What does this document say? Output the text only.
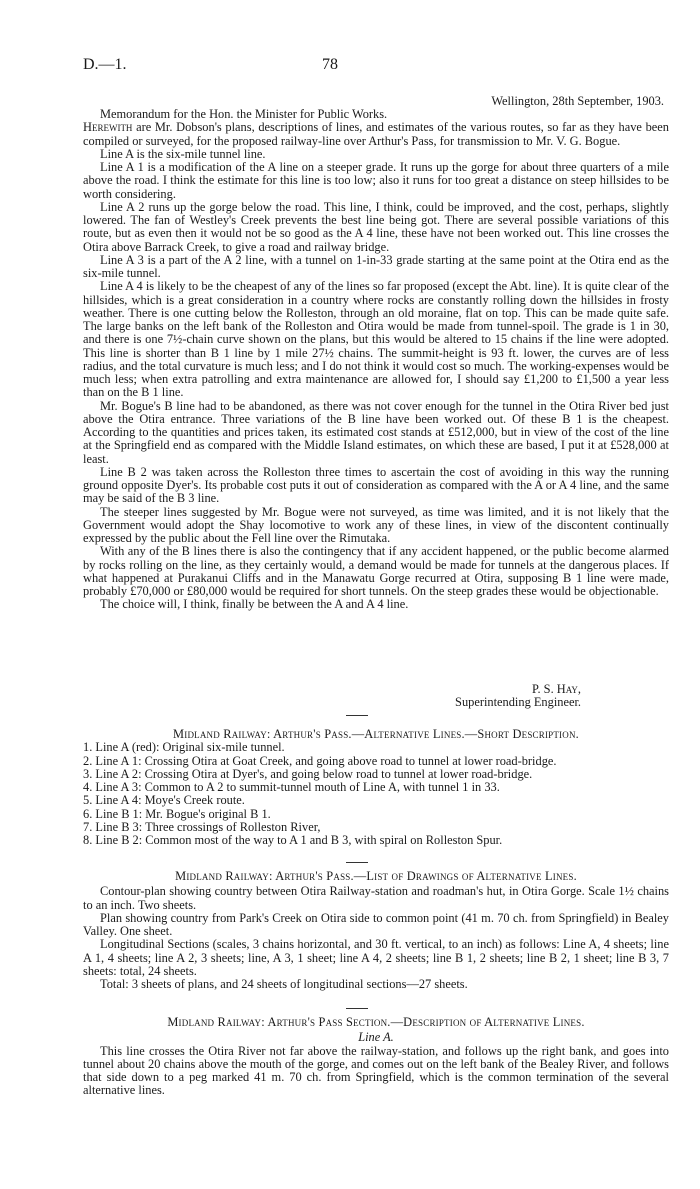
D.—1.	78
Wellington, 28th September, 1903.

Memorandum for the Hon. the Minister for Public Works.

Herewith are Mr. Dobson's plans, descriptions of lines, and estimates of the various routes, so far as they have been compiled or surveyed, for the proposed railway-line over Arthur's Pass, for transmission to Mr. V. G. Bogue.

Line A is the six-mile tunnel line.

Line A 1 is a modification of the A line on a steeper grade. It runs up the gorge for about three quarters of a mile above the road. I think the estimate for this line is too low; also it runs for too great a distance on steep hillsides to be worth considering.

Line A 2 runs up the gorge below the road. This line, I think, could be improved, and the cost, perhaps, slightly lowered. The fan of Westley's Creek prevents the best line being got. There are several possible variations of this route, but as even then it would not be so good as the A 4 line, these have not been worked out. This line crosses the Otira above Barrack Creek, to give a road and railway bridge.

Line A 3 is a part of the A 2 line, with a tunnel on 1-in-33 grade starting at the same point at the Otira end as the six-mile tunnel.

Line A 4 is likely to be the cheapest of any of the lines so far proposed (except the Abt. line). It is quite clear of the hillsides, which is a great consideration in a country where rocks are constantly rolling down the hillsides in frosty weather. There is one cutting below the Rolleston, through an old moraine, flat on top. This can be made quite safe. The large banks on the left bank of the Rolleston and Otira would be made from tunnel-spoil. The grade is 1 in 30, and there is one 7½-chain curve shown on the plans, but this would be altered to 15 chains if the line were adopted. This line is shorter than B 1 line by 1 mile 27½ chains. The summit-height is 93 ft. lower, the curves are of less radius, and the total curvature is much less; and I do not think it would cost so much. The working-expenses would be much less; when extra patrolling and extra maintenance are allowed for, I should say £1,200 to £1,500 a year less than on the B 1 line.

Mr. Bogue's B line had to be abandoned, as there was not cover enough for the tunnel in the Otira River bed just above the Otira entrance. Three variations of the B line have been worked out. Of these B 1 is the cheapest. According to the quantities and prices taken, its estimated cost stands at £512,000, but in view of the cost of the line at the Springfield end as compared with the Middle Island estimates, on which these are based, I put it at £528,000 at least.

Line B 2 was taken across the Rolleston three times to ascertain the cost of avoiding in this way the running ground opposite Dyer's. Its probable cost puts it out of consideration as compared with the A or A 4 line, and the same may be said of the B 3 line.

The steeper lines suggested by Mr. Bogue were not surveyed, as time was limited, and it is not likely that the Government would adopt the Shay locomotive to work any of these lines, in view of the discontent continually expressed by the public about the Fell line over the Rimutaka.

With any of the B lines there is also the contingency that if any accident happened, or the public become alarmed by rocks rolling on the line, as they certainly would, a demand would be made for tunnels at the dangerous places. If what happened at Purakanui Cliffs and in the Manawatu Gorge recurred at Otira, supposing B 1 line were made, probably £70,000 or £80,000 would be required for short tunnels. On the steep grades these would be objectionable.

The choice will, I think, finally be between the A and A 4 line.

P. S. Hay,
Superintending Engineer.
Midland Railway: Arthur's Pass.—Alternative Lines.—Short Description.
1. Line A (red): Original six-mile tunnel.
2. Line A 1: Crossing Otira at Goat Creek, and going above road to tunnel at lower road-bridge.
3. Line A 2: Crossing Otira at Dyer's, and going below road to tunnel at lower road-bridge.
4. Line A 3: Common to A 2 to summit-tunnel mouth of Line A, with tunnel 1 in 33.
5. Line A 4: Moye's Creek route.
6. Line B 1: Mr. Bogue's original B 1.
7. Line B 3: Three crossings of Rolleston River,
8. Line B 2: Common most of the way to A 1 and B 3, with spiral on Rolleston Spur.
Midland Railway: Arthur's Pass.—List of Drawings of Alternative Lines.

Contour-plan showing country between Otira Railway-station and roadman's hut, in Otira Gorge. Scale 1½ chains to an inch. Two sheets.

Plan showing country from Park's Creek on Otira side to common point (41 m. 70 ch. from Springfield) in Bealey Valley. One sheet.

Longitudinal Sections (scales, 3 chains horizontal, and 30 ft. vertical, to an inch) as follows: Line A, 4 sheets; line A 1, 4 sheets; line A 2, 3 sheets; line, A 3, 1 sheet; line A 4, 2 sheets; line B 1, 2 sheets; line B 2, 1 sheet; line B 3, 7 sheets: total, 24 sheets.

Total: 3 sheets of plans, and 24 sheets of longitudinal sections—27 sheets.

Midland Railway: Arthur's Pass Section.—Description of Alternative Lines.
Line A.

This line crosses the Otira River not far above the railway-station, and follows up the right bank, and goes into tunnel about 20 chains above the mouth of the gorge, and comes out on the left bank of the Bealey River, and follows that side down to a peg marked 41 m. 70 ch. from Springfield, which is the common termination of the several alternative lines.
